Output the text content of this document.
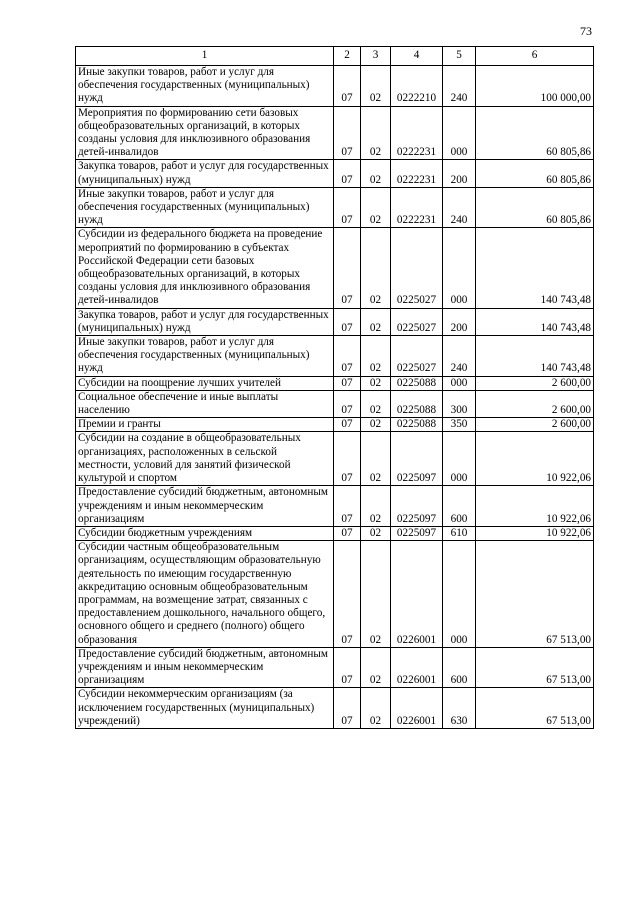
73
1	2	3	4	5	6
Иные закупки товаров, работ и услуг для обеспечения государственных (муниципальных) нужд	07	02	0222210	240	100 000,00
Мероприятия по формированию сети базовых общеобразовательных организаций, в которых созданы условия для инклюзивного образования детей-инвалидов	07	02	0222231	000	60 805,86
Закупка товаров, работ и услуг для государственных (муниципальных) нужд	07	02	0222231	200	60 805,86
Иные закупки товаров, работ и услуг для обеспечения государственных (муниципальных) нужд	07	02	0222231	240	60 805,86
Субсидии из федерального бюджета на проведение мероприятий по формированию в субъектах Российской Федерации сети базовых общеобразовательных организаций, в которых созданы условия для инклюзивного образования детей-инвалидов	07	02	0225027	000	140 743,48
Закупка товаров, работ и услуг для государственных (муниципальных) нужд	07	02	0225027	200	140 743,48
Иные закупки товаров, работ и услуг для обеспечения государственных (муниципальных) нужд	07	02	0225027	240	140 743,48
Субсидии на поощрение лучших учителей	07	02	0225088	000	2 600,00
Социальное обеспечение и иные выплаты населению	07	02	0225088	300	2 600,00
Премии и гранты	07	02	0225088	350	2 600,00
Субсидии на создание в общеобразовательных организациях, расположенных в сельской местности, условий для занятий физической культурой и спортом	07	02	0225097	000	10 922,06
Предоставление субсидий бюджетным, автономным учреждениям и иным некоммерческим организациям	07	02	0225097	600	10 922,06
Субсидии бюджетным учреждениям	07	02	0225097	610	10 922,06
Субсидии частным общеобразовательным организациям, осуществляющим образовательную деятельность по имеющим государственную аккредитацию основным общеобразовательным программам, на возмещение затрат, связанных с предоставлением дошкольного, начального общего, основного общего и среднего (полного) общего образования	07	02	0226001	000	67 513,00
Предоставление субсидий бюджетным, автономным учреждениям и иным некоммерческим организациям	07	02	0226001	600	67 513,00
Субсидии некоммерческим организациям (за исключением государственных (муниципальных) учреждений)	07	02	0226001	630	67 513,00
